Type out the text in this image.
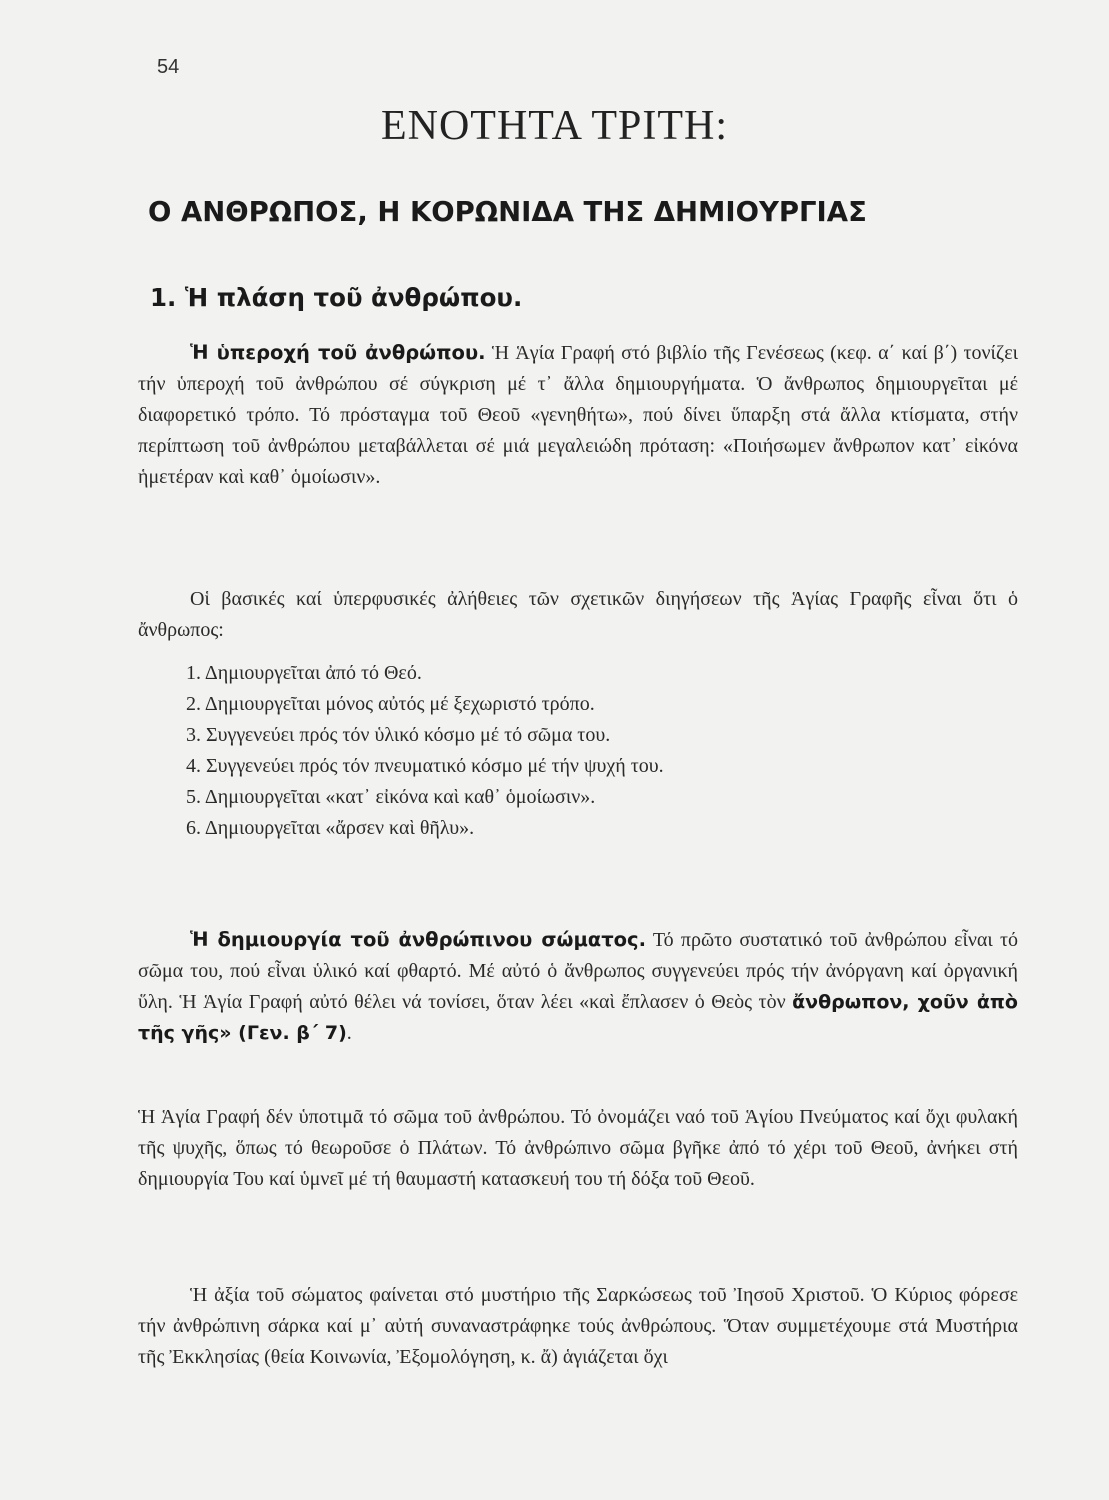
54
ΕΝΟΤΗΤΑ ΤΡΙΤΗ:
Ο ΑΝΘΡΩΠΟΣ, Η ΚΟΡΩΝΙΔΑ ΤΗΣ ΔΗΜΙΟΥΡΓΙΑΣ
1. Ἡ πλάση τοῦ ἀνθρώπου.

Ἡ ὑπεροχή τοῦ ἀνθρώπου. Ἡ Ἁγία Γραφή στό βιβλίο τῆς Γενέσεως (κεφ. α΄ καί β΄) τονίζει τήν ὑπεροχή τοῦ ἀνθρώπου σέ σύγκριση μέ τ᾿ ἄλλα δημιουργήματα. Ὁ ἄνθρωπος δημιουργεῖται μέ διαφορετικό τρόπο. Τό πρόσταγμα τοῦ Θεοῦ «γενηθήτω», πού δίνει ὕπαρξη στά ἄλλα κτίσματα, στήν περίπτωση τοῦ ἀνθρώπου μεταβάλλεται σέ μιά μεγαλειώδη πρόταση: «Ποιήσωμεν ἄνθρωπον κατ᾿ εἰκόνα ἡμετέραν καὶ καθ᾿ ὁμοίωσιν».

Οἱ βασικές καί ὑπερφυσικές ἀλήθειες τῶν σχετικῶν διηγήσεων τῆς Ἁγίας Γραφῆς εἶναι ὅτι ὁ ἄνθρωπος:

1. Δημιουργεῖται ἀπό τό Θεό.
2. Δημιουργεῖται μόνος αὐτός μέ ξεχωριστό τρόπο.
3. Συγγενεύει πρός τόν ὑλικό κόσμο μέ τό σῶμα του.
4. Συγγενεύει πρός τόν πνευματικό κόσμο μέ τήν ψυχή του.
5. Δημιουργεῖται «κατ᾿ εἰκόνα καὶ καθ᾿ ὁμοίωσιν».
6. Δημιουργεῖται «ἄρσεν καὶ θῆλυ».

Ἡ δημιουργία τοῦ ἀνθρώπινου σώματος. Τό πρῶτο συστατικό τοῦ ἀνθρώπου εἶναι τό σῶμα του, πού εἶναι ὑλικό καί φθαρτό. Μέ αὐτό ὁ ἄνθρωπος συγγενεύει πρός τήν ἀνόργανη καί ὀργανική ὕλη. Ἡ Ἁγία Γραφή αὐτό θέλει νά τονίσει, ὅταν λέει «καὶ ἔπλασεν ὁ Θεὸς τὸν ἄνθρωπον, χοῦν ἀπὸ τῆς γῆς» (Γεν. β΄ 7).

Ἡ Ἁγία Γραφή δέν ὑποτιμᾶ τό σῶμα τοῦ ἀνθρώπου. Τό ὀνομάζει ναό τοῦ Ἁγίου Πνεύματος καί ὄχι φυλακή τῆς ψυχῆς, ὅπως τό θεωροῦσε ὁ Πλάτων. Τό ἀνθρώπινο σῶμα βγῆκε ἀπό τό χέρι τοῦ Θεοῦ, ἀνήκει στή δημιουργία Του καί ὑμνεῖ μέ τή θαυμαστή κατασκευή του τή δόξα τοῦ Θεοῦ.

Ἡ ἀξία τοῦ σώματος φαίνεται στό μυστήριο τῆς Σαρκώσεως τοῦ Ἰησοῦ Χριστοῦ. Ὁ Κύριος φόρεσε τήν ἀνθρώπινη σάρκα καί μ᾿ αὐτή συναναστράφηκε τούς ἀνθρώπους. Ὅταν συμμετέχουμε στά Μυστήρια τῆς Ἐκκλησίας (θεία Κοινωνία, Ἐξομολόγηση, κ. ἄ) ἁγιάζεται ὄχι
